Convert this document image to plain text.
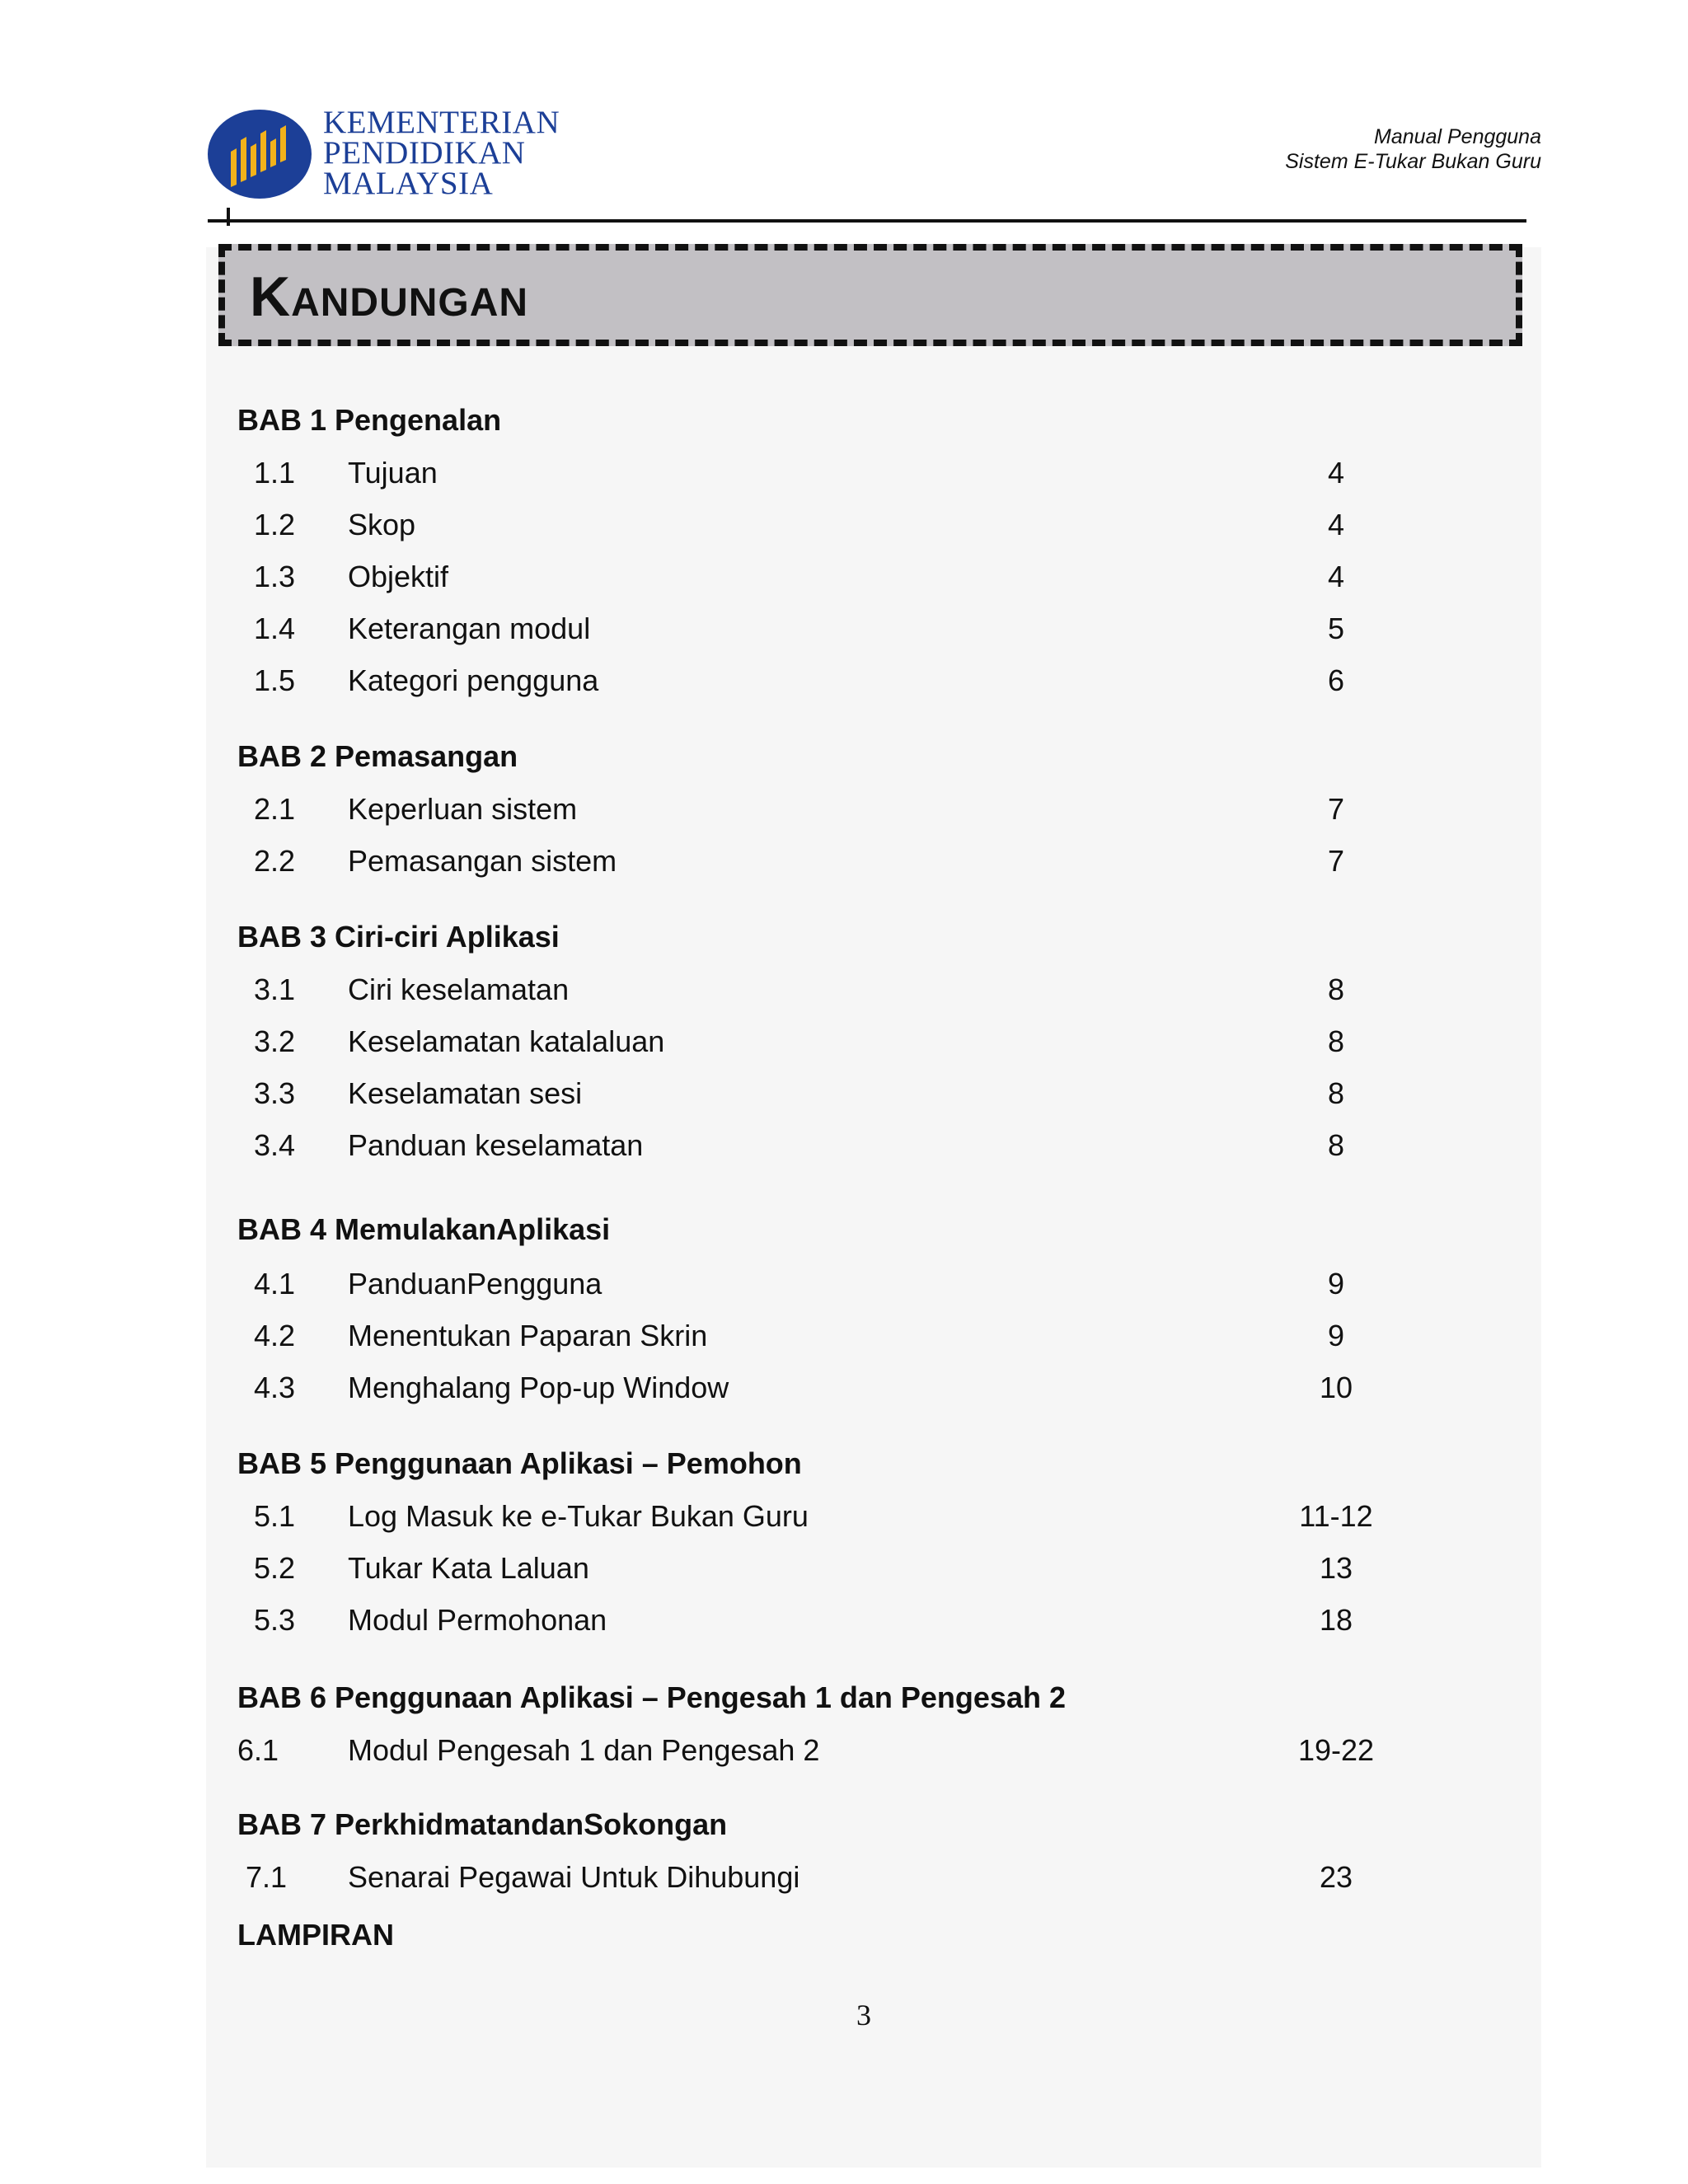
KEMENTERIAN
PENDIDIKAN
MALAYSIA
Manual Pengguna
Sistem E-Tukar Bukan Guru
Kandungan
BAB 1 Pengenalan
1.1 Tujuan	4
1.2 Skop	4
1.3 Objektif	4
1.4 Keterangan modul	5
1.5 Kategori pengguna	6
BAB 2 Pemasangan
2.1 Keperluan sistem	7
2.2 Pemasangan sistem	7
BAB 3 Ciri-ciri Aplikasi
3.1 Ciri keselamatan	8
3.2 Keselamatan katalaluan	8
3.3 Keselamatan sesi	8
3.4 Panduan keselamatan	8
BAB 4 MemulakanAplikasi
4.1 PanduanPengguna	9
4.2 Menentukan Paparan Skrin	9
4.3 Menghalang Pop-up Window	10
BAB 5 Penggunaan Aplikasi – Pemohon
5.1 Log Masuk ke e-Tukar Bukan Guru	11-12
5.2 Tukar Kata Laluan	13
5.3 Modul Permohonan	18
BAB 6 Penggunaan Aplikasi – Pengesah 1 dan Pengesah 2
6.1 Modul Pengesah 1 dan Pengesah 2	19-22
BAB 7 PerkhidmatandanSokongan
7.1 Senarai Pegawai Untuk Dihubungi	23
LAMPIRAN
3
